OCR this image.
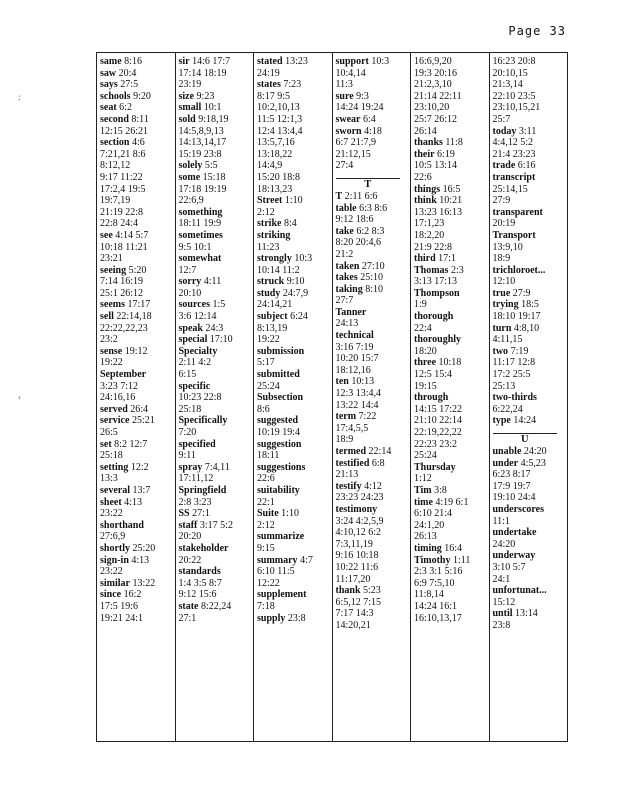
Page 33
:
‹
same 8:16
saw 20:4
says 27:5
schools 9:20
seat 6:2
second 8:11
12:15 26:21
section 4:6
7:21,21 8:6
8:12,12
9:17 11:22
17:2,4 19:5
19:7,19
21:19 22:8
22:8 24:4
see 4:14 5:7
10:18 11:21
23:21
seeing 5:20
7:14 16:19
25:1 26:12
seems 17:17
sell 22:14,18
22:22,22,23
23:2
sense 19:12
19:22
September
3:23 7:12
24:16,16
served 26:4
service 25:21
26:5
set 8:2 12:7
25:18
setting 12:2
13:3
several 13:7
sheet 4:13
23:22
shorthand
27:6,9
shortly 25:20
sign-in 4:13
23:22
similar 13:22
since 16:2
17:5 19:6
19:21 24:1
sir 14:6 17:7
17:14 18:19
23:19
size 9:23
small 10:1
sold 9:18,19
14:5,8,9,13
14:13,14,17
15:19 23:8
solely 5:5
some 15:18
17:18 19:19
22:6,9
something
18:11 19:9
sometimes
9:5 10:1
somewhat
12:7
sorry 4:11
20:10
sources 1:5
3:6 12:14
speak 24:3
special 17:10
Specialty
2:11 4:2
6:15
specific
10:23 22:8
25:18
Specifically
7:20
specified
9:11
spray 7:4,11
17:11,12
Springfield
2:8 3:23
SS 27:1
staff 3:17 5:2
20:20
stakeholder
20:22
standards
1:4 3:5 8:7
9:12 15:6
state 8:22,24
27:1
stated 13:23
24:19
states 7:23
8:17 9:5
10:2,10,13
11:5 12:1,3
12:4 13:4,4
13:5,7,16
13:18,22
14:4,9
15:20 18:8
18:13,23
Street 1:10
2:12
strike 8:4
striking
11:23
strongly 10:3
10:14 11:2
struck 9:10
study 24:7,9
24:14,21
subject 6:24
8:13,19
19:22
submission
5:17
submitted
25:24
Subsection
8:6
suggested
10:19 19:4
suggestion
18:11
suggestions
22:6
suitability
22:1
Suite 1:10
2:12
summarize
9:15
summary 4:7
6:10 11:5
12:22
supplement
7:18
supply 23:8
support 10:3
10:4,14
11:3
sure 9:3
14:24 19:24
swear 6:4
sworn 4:18
6:7 21:7,9
21:12,15
27:4
T
T 2:11 6:6
table 6:3 8:6
9:12 18:6
take 6:2 8:3
8:20 20:4,6
21:2
taken 27:10
takes 25:10
taking 8:10
27:7
Tanner
24:13
technical
3:16 7:19
10:20 15:7
18:12,16
ten 10:13
12:3 13:4,4
13:22 14:4
term 7:22
17:4,5,5
18:9
termed 22:14
testified 6:8
21:13
testify 4:12
23:23 24:23
testimony
3:24 4:2,5,9
4:10,12 6:2
7:3,11,19
9:16 10:18
10:22 11:6
11:17,20
thank 5:23
6:5,12 7:15
7:17 14:3
14:20,21
16:6,9,20
19:3 20:16
21:2,3,10
21:14 22:11
23:10,20
25:7 26:12
26:14
thanks 11:8
their 6:19
10:5 13:14
22:6
things 16:5
think 10:21
13:23 16:13
17:1,23
18:2,20
21:9 22:8
third 17:1
Thomas 2:3
3:13 17:13
Thompson
1:9
thorough
22:4
thoroughly
18:20
three 10:18
12:5 15:4
19:15
through
14:15 17:22
21:10 22:14
22:19,22,22
22:23 23:2
25:24
Thursday
1:12
Tim 3:8
time 4:19 6:1
6:10 21:4
24:1,20
26:13
timing 16:4
Timothy 1:11
2:3 3:1 5:16
6:9 7:5,10
11:8,14
14:24 16:1
16:10,13,17
16:23 20:8
20:10,15
21:3,14
22:10 23:5
23:10,15,21
25:7
today 3:11
4:4,12 5:2
21:4 23:23
trade 6:16
transcript
25:14,15
27:9
transparent
20:19
Transport
13:9,10
18:9
trichloroet...
12:10
true 27:9
trying 18:5
18:10 19:17
turn 4:8,10
4:11,15
two 7:19
11:17 12:8
17:2 25:5
25:13
two-thirds
6:22,24
type 14:24
U
unable 24:20
under 4:5,23
6:23 8:17
17:9 19:7
19:10 24:4
underscores
11:1
undertake
24:20
underway
3:10 5:7
24:1
unfortunat...
15:12
until 13:14
23:8
